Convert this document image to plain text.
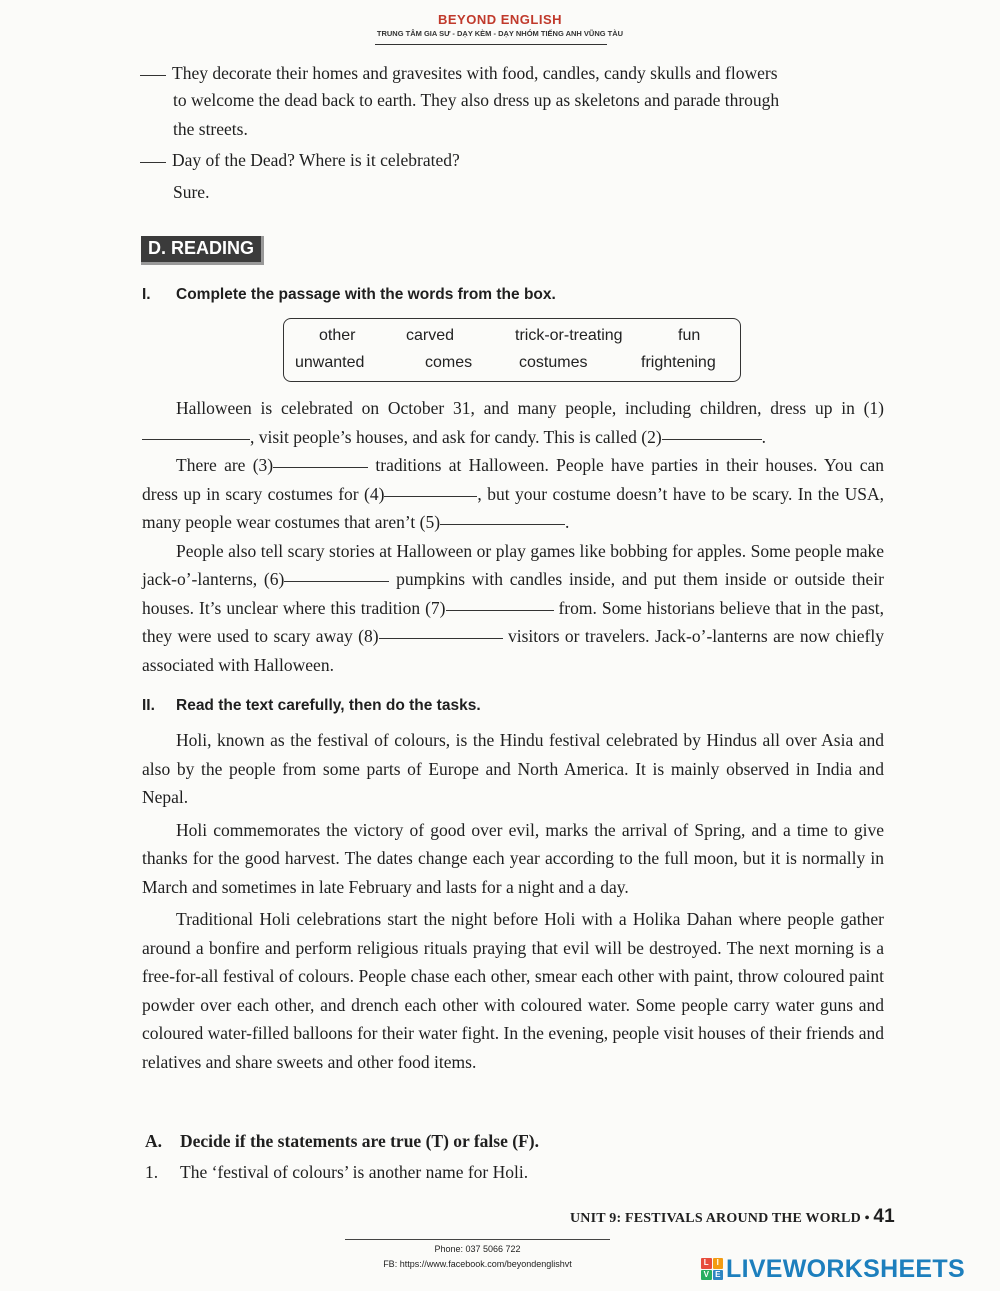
BEYOND ENGLISH
TRUNG TÂM GIA SƯ - DẠY KÈM - DẠY NHÓM TIẾNG ANH VŨNG TÀU
They decorate their homes and gravesites with food, candles, candy skulls and flowers
to welcome the dead back to earth. They also dress up as skeletons and parade through
the streets.
Day of the Dead? Where is it celebrated?
Sure.
D. READING
I. Complete the passage with the words from the box.
other	carved	trick-or-treating	fun
unwanted	comes	costumes	frightening

Halloween is celebrated on October 31, and many people, including children, dress up in (1), visit people’s houses, and ask for candy. This is called (2)	.

There are (3)	traditions at Halloween. People have parties in their houses. You can dress up in scary costumes for (4)	, but your costume doesn’t have to be scary. In the USA, many people wear costumes that aren’t (5)	.

People also tell scary stories at Halloween or play games like bobbing for apples. Some people make jack-o’-lanterns, (6)	pumpkins with candles inside, and put them inside or outside their houses. It’s unclear where this tradition (7)	from. Some historians believe that in the past, they were used to scary away (8)	visitors or travelers. Jack-o’-lanterns are now chiefly associated with Halloween.

II. Read the text carefully, then do the tasks.

Holi, known as the festival of colours, is the Hindu festival celebrated by Hindus all over Asia and also by the people from some parts of Europe and North America. It is mainly observed in India and Nepal.

Holi commemorates the victory of good over evil, marks the arrival of Spring, and a time to give thanks for the good harvest. The dates change each year according to the full moon, but it is normally in March and sometimes in late February and lasts for a night and a day.

Traditional Holi celebrations start the night before Holi with a Holika Dahan where people gather around a bonfire and perform religious rituals praying that evil will be destroyed. The next morning is a free-for-all festival of colours. People chase each other, smear each other with paint, throw coloured paint powder over each other, and drench each other with coloured water. Some people carry water guns and coloured water-filled balloons for their water fight. In the evening, people visit houses of their friends and relatives and share sweets and other food items.

A. Decide if the statements are true (T) or false (F).
1. The ‘festival of colours’ is another name for Holi.
UNIT 9: FESTIVALS AROUND THE WORLD • 41
Phone: 037 5066 722
FB: https://www.facebook.com/beyondenglishvt	L I
V E LIVEWORKSHEETS
